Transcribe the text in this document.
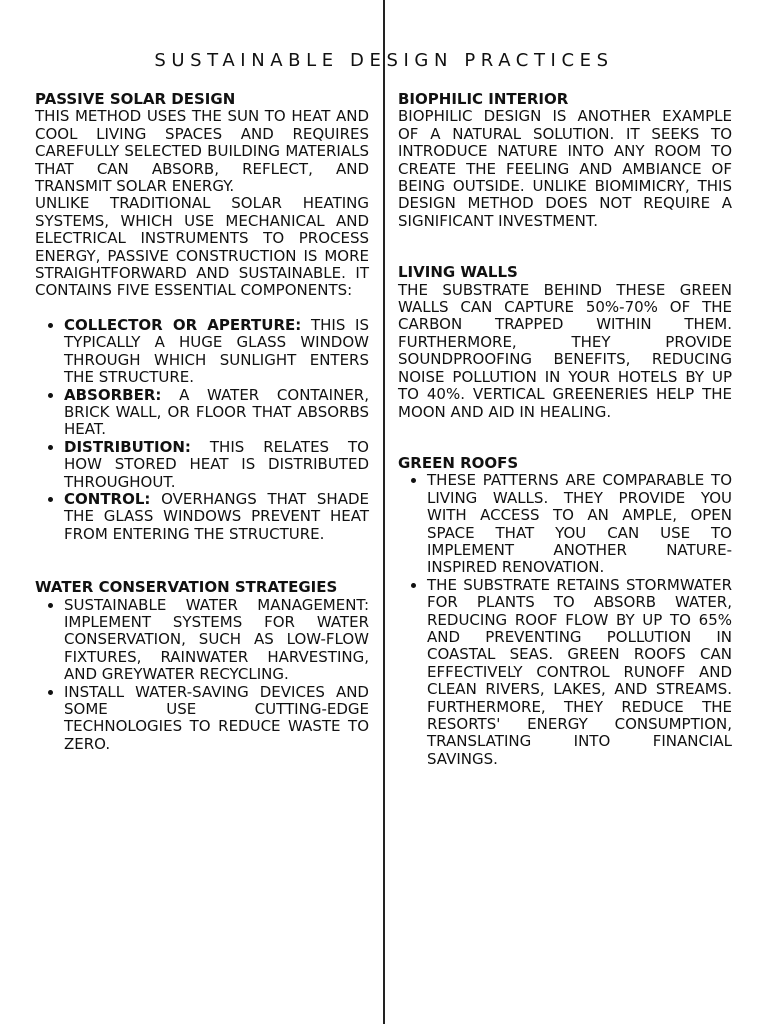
SUSTAINABLE DESIGN PRACTICES
PASSIVE SOLAR DESIGN
THIS METHOD USES THE SUN TO HEAT AND COOL LIVING SPACES AND REQUIRES CAREFULLY SELECTED BUILDING MATERIALS THAT CAN ABSORB, REFLECT, AND TRANSMIT SOLAR ENERGY.
UNLIKE TRADITIONAL SOLAR HEATING SYSTEMS, WHICH USE MECHANICAL AND ELECTRICAL INSTRUMENTS TO PROCESS ENERGY, PASSIVE CONSTRUCTION IS MORE STRAIGHTFORWARD AND SUSTAINABLE. IT CONTAINS FIVE ESSENTIAL COMPONENTS:
• COLLECTOR OR APERTURE: THIS IS TYPICALLY A HUGE GLASS WINDOW THROUGH WHICH SUNLIGHT ENTERS THE STRUCTURE.
• ABSORBER: A WATER CONTAINER, BRICK WALL, OR FLOOR THAT ABSORBS HEAT.
• DISTRIBUTION: THIS RELATES TO HOW STORED HEAT IS DISTRIBUTED THROUGHOUT.
• CONTROL: OVERHANGS THAT SHADE THE GLASS WINDOWS PREVENT HEAT FROM ENTERING THE STRUCTURE.
WATER CONSERVATION STRATEGIES
• SUSTAINABLE WATER MANAGEMENT: IMPLEMENT SYSTEMS FOR WATER CONSERVATION, SUCH AS LOW-FLOW FIXTURES, RAINWATER HARVESTING, AND GREYWATER RECYCLING.
• INSTALL WATER-SAVING DEVICES AND SOME USE CUTTING-EDGE TECHNOLOGIES TO REDUCE WASTE TO ZERO.
BIOPHILIC INTERIOR
BIOPHILIC DESIGN IS ANOTHER EXAMPLE OF A NATURAL SOLUTION. IT SEEKS TO INTRODUCE NATURE INTO ANY ROOM TO CREATE THE FEELING AND AMBIANCE OF BEING OUTSIDE. UNLIKE BIOMIMICRY, THIS DESIGN METHOD DOES NOT REQUIRE A SIGNIFICANT INVESTMENT.
LIVING WALLS
THE SUBSTRATE BEHIND THESE GREEN WALLS CAN CAPTURE 50%-70% OF THE CARBON TRAPPED WITHIN THEM. FURTHERMORE, THEY PROVIDE SOUNDPROOFING BENEFITS, REDUCING NOISE POLLUTION IN YOUR HOTELS BY UP TO 40%. VERTICAL GREENERIES HELP THE MOON AND AID IN HEALING.
GREEN ROOFS
• THESE PATTERNS ARE COMPARABLE TO LIVING WALLS. THEY PROVIDE YOU WITH ACCESS TO AN AMPLE, OPEN SPACE THAT YOU CAN USE TO IMPLEMENT ANOTHER NATURE-INSPIRED RENOVATION.
• THE SUBSTRATE RETAINS STORMWATER FOR PLANTS TO ABSORB WATER, REDUCING ROOF FLOW BY UP TO 65% AND PREVENTING POLLUTION IN COASTAL SEAS. GREEN ROOFS CAN EFFECTIVELY CONTROL RUNOFF AND CLEAN RIVERS, LAKES, AND STREAMS. FURTHERMORE, THEY REDUCE THE RESORTS' ENERGY CONSUMPTION, TRANSLATING INTO FINANCIAL SAVINGS.
